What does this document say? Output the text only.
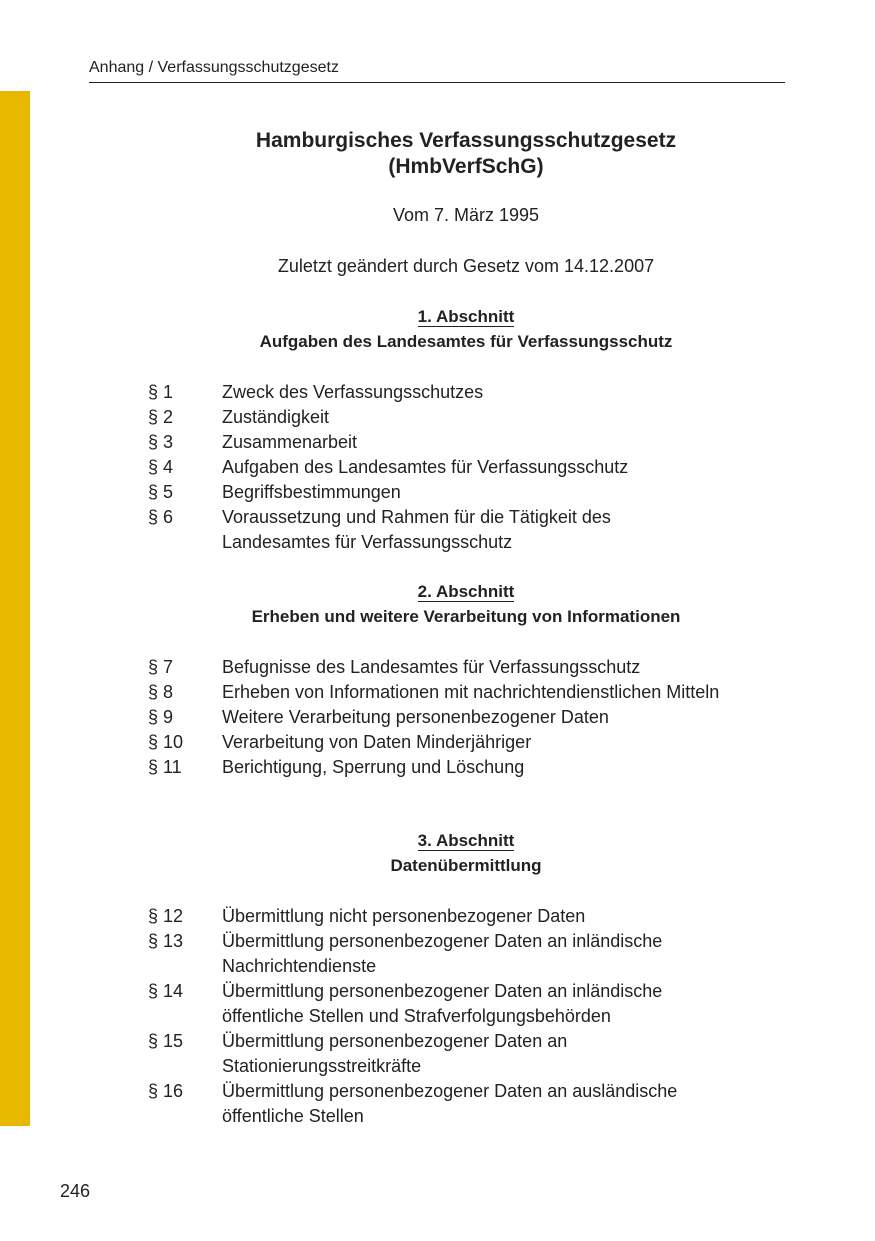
Anhang / Verfassungsschutzgesetz
Hamburgisches Verfassungsschutzgesetz
(HmbVerfSchG)
Vom 7. März 1995
Zuletzt geändert durch Gesetz vom 14.12.2007
1. Abschnitt
Aufgaben des Landesamtes für Verfassungsschutz
§ 1	Zweck des Verfassungsschutzes
§ 2	Zuständigkeit
§ 3	Zusammenarbeit
§ 4	Aufgaben des Landesamtes für Verfassungsschutz
§ 5	Begriffsbestimmungen
§ 6	Voraussetzung und Rahmen für die Tätigkeit des Landesamtes für Verfassungsschutz
2. Abschnitt
Erheben und weitere Verarbeitung von Informationen
§ 7	Befugnisse des Landesamtes für Verfassungsschutz
§ 8	Erheben von Informationen mit nachrichtendienstlichen Mitteln
§ 9	Weitere Verarbeitung personenbezogener Daten
§ 10	Verarbeitung von Daten Minderjähriger
§ 11	Berichtigung, Sperrung und Löschung
3. Abschnitt
Datenübermittlung
§ 12	Übermittlung nicht personenbezogener Daten
§ 13	Übermittlung personenbezogener Daten an inländische Nachrichtendienste
§ 14	Übermittlung personenbezogener Daten an inländische öffentliche Stellen und Strafverfolgungsbehörden
§ 15	Übermittlung personenbezogener Daten an Stationierungsstreitkräfte
§ 16	Übermittlung personenbezogener Daten an ausländische öffentliche Stellen
246
